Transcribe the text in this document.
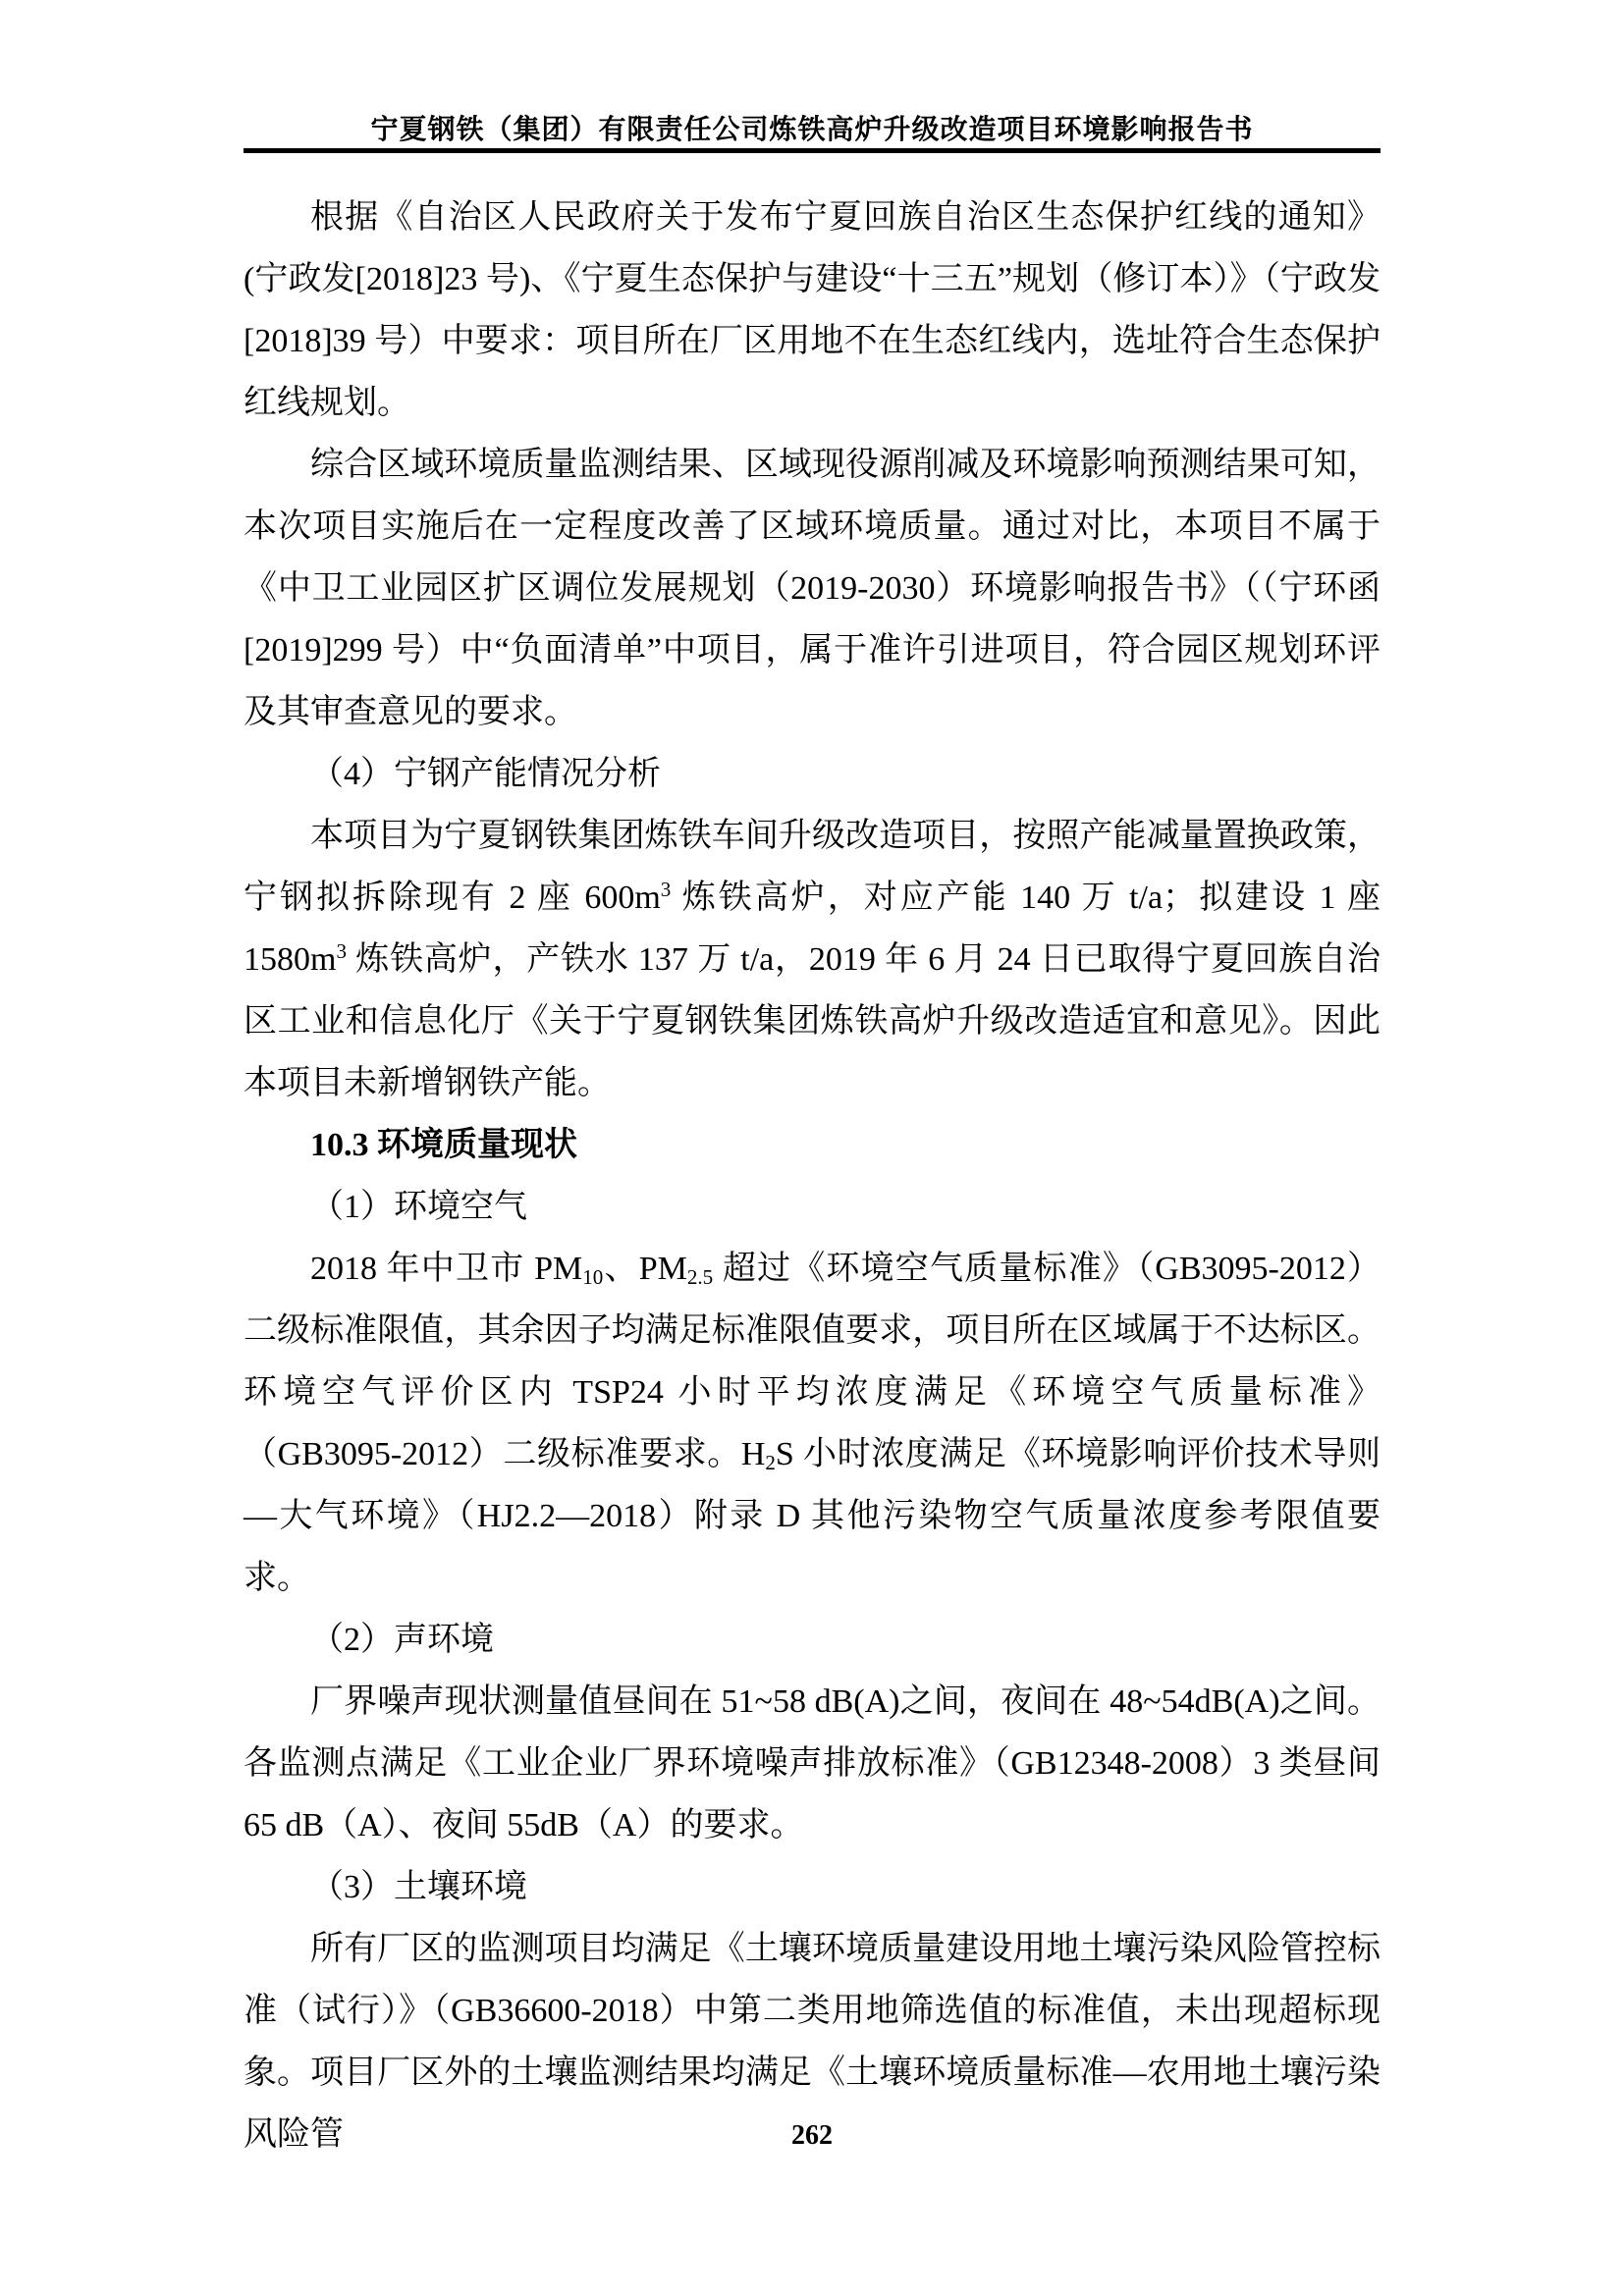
宁夏钢铁（集团）有限责任公司炼铁高炉升级改造项目环境影响报告书

根据《自治区人民政府关于发布宁夏回族自治区生态保护红线的通知》(宁政发[2018]23 号)、《宁夏生态保护与建设“十三五”规划（修订本）》（宁政发[2018]39 号）中要求：项目所在厂区用地不在生态红线内，选址符合生态保护红线规划。

综合区域环境质量监测结果、区域现役源削减及环境影响预测结果可知，本次项目实施后在一定程度改善了区域环境质量。通过对比，本项目不属于《中卫工业园区扩区调位发展规划（2019-2030）环境影响报告书》（（宁环函[2019]299 号）中“负面清单”中项目，属于准许引进项目，符合园区规划环评及其审查意见的要求。

（4）宁钢产能情况分析

本项目为宁夏钢铁集团炼铁车间升级改造项目，按照产能减量置换政策，宁钢拟拆除现有 2 座 $600m^3$ 炼铁高炉，对应产能 140 万 t/a；拟建设 1 座 $1580m^3$ 炼铁高炉，产铁水 137 万 t/a，2019 年 6 月 24 日已取得宁夏回族自治区工业和信息化厅《关于宁夏钢铁集团炼铁高炉升级改造适宜和意见》。因此本项目未新增钢铁产能。

10.3 环境质量现状

（1）环境空气

2018 年中卫市 $PM_{10}$、$PM_{2.5}$ 超过《环境空气质量标准》（GB3095-2012）二级标准限值，其余因子均满足标准限值要求，项目所在区域属于不达标区。环境空气评价区内 TSP24 小时平均浓度满足《环境空气质量标准》 （GB3095-2012）二级标准要求。$H_2S$ 小时浓度满足《环境影响评价技术导则—大气环境》（HJ2.2—2018）附录 D 其他污染物空气质量浓度参考限值要求。

（2）声环境

厂界噪声现状测量值昼间在 51~58 dB(A)之间，夜间在 48~54dB(A)之间。各监测点满足《工业企业厂界环境噪声排放标准》（GB12348-2008）3 类昼间 65 dB（A）、夜间 55dB（A）的要求。

（3）土壤环境

所有厂区的监测项目均满足《土壤环境质量建设用地土壤污染风险管控标准（试行）》（GB36600-2018）中第二类用地筛选值的标准值，未出现超标现象。项目厂区外的土壤监测结果均满足《土壤环境质量标准—农用地土壤污染风险管	262
